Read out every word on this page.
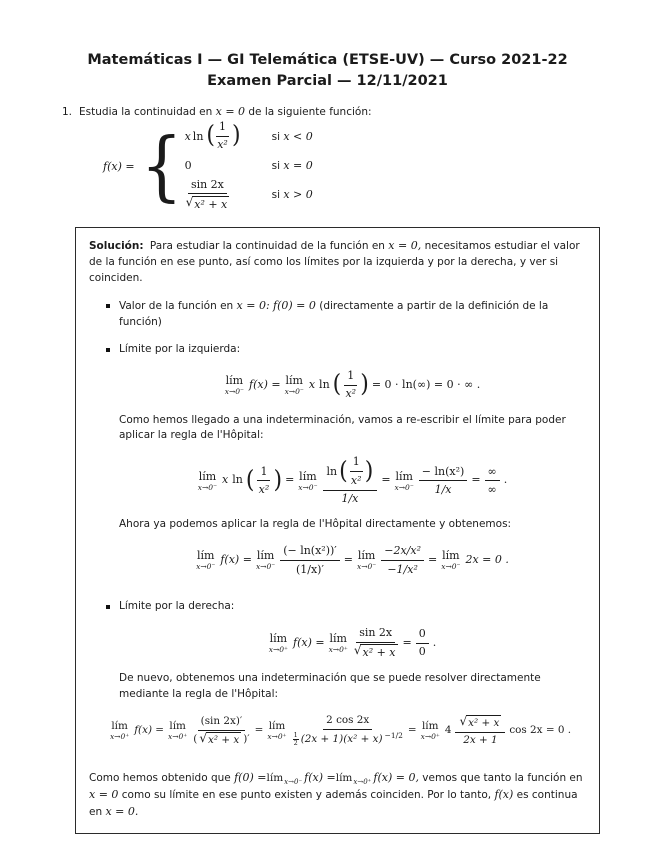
Matemáticas I — GI Telemática (ETSE-UV) — Curso 2021-22
Examen Parcial — 12/11/2021
1. Estudia la continuidad en x = 0 de la siguiente función:
f(x) = { x ln ( $\frac{1}{\text{x²}}$ )	si x < 0
0	si x = 0
$\frac{\sin 2x}{\text{√ x² + x}}$	si x > 0

Solución: Para estudiar la continuidad de la función en x = 0, necesitamos estudiar el valor de la función en ese punto, así como los límites por la izquierda y por la derecha, y ver si coinciden.

Valor de la función en x = 0: f(0) = 0 (directamente a partir de la definición de la función)
Límite por la izquierda:
lím
x→0⁻
f(x) = lím
x→0⁻
x ln ( $\frac{1}{\text{x²}}$ ) = 0 · ln(∞) = 0 · ∞ .

Como hemos llegado a una indeterminación, vamos a re-escribir el límite para poder aplicar la regla de l'Hôpital:

lím
x→0⁻
x ln ( $\frac{1}{\text{x²}}$ ) = lím
x→0⁻
ln ( $\frac{1}{\text{x²}}$ )
1/x
= lím
$x\to 0^- \frac{\text{− ln(x²)}}{1/x} = \frac{\infty}{\infty}$ .

Ahora ya podemos aplicar la regla de l'Hôpital directamente y obtenemos:

lím
x→0⁻
f(x) = lím
$x\to 0^- \frac{\text{(− ln(x²))′}}{(1/x)'}$ = lím
$x\to 0^- \frac{\text{−2x/x²}}{\text{−1/x²}}$ = lím
x→0⁻
2x = 0 .
Límite por la derecha:
lím
x→0⁺
f(x) = lím
$x\to 0^+ \frac{\sin 2x}{\text{√ x² + x}} = \frac{0}{0}$ .

De nuevo, obtenemos una indeterminación que se puede resolver directamente mediante la regla de l'Hôpital:

lím
x→0⁺
f(x) = lím
x→0⁺
(sin 2x)′
( √ x² + x )′
= lím
x→0⁺
2 cos 2x
1
2 (2x + 1)(x² + x) −1/2 = lím
x→0⁺
$4 \frac{\text{√ x² + x}}{2x + 1}$ cos 2x = 0 .

Como hemos obtenido que f(0) =lím$_{x\to 0^-}$ f(x) =lím$_{x\to 0^+}$ f(x) = 0, vemos que tanto la función en x = 0 como su límite en ese punto existen y además coinciden. Por lo tanto, f(x) es continua en x = 0.
